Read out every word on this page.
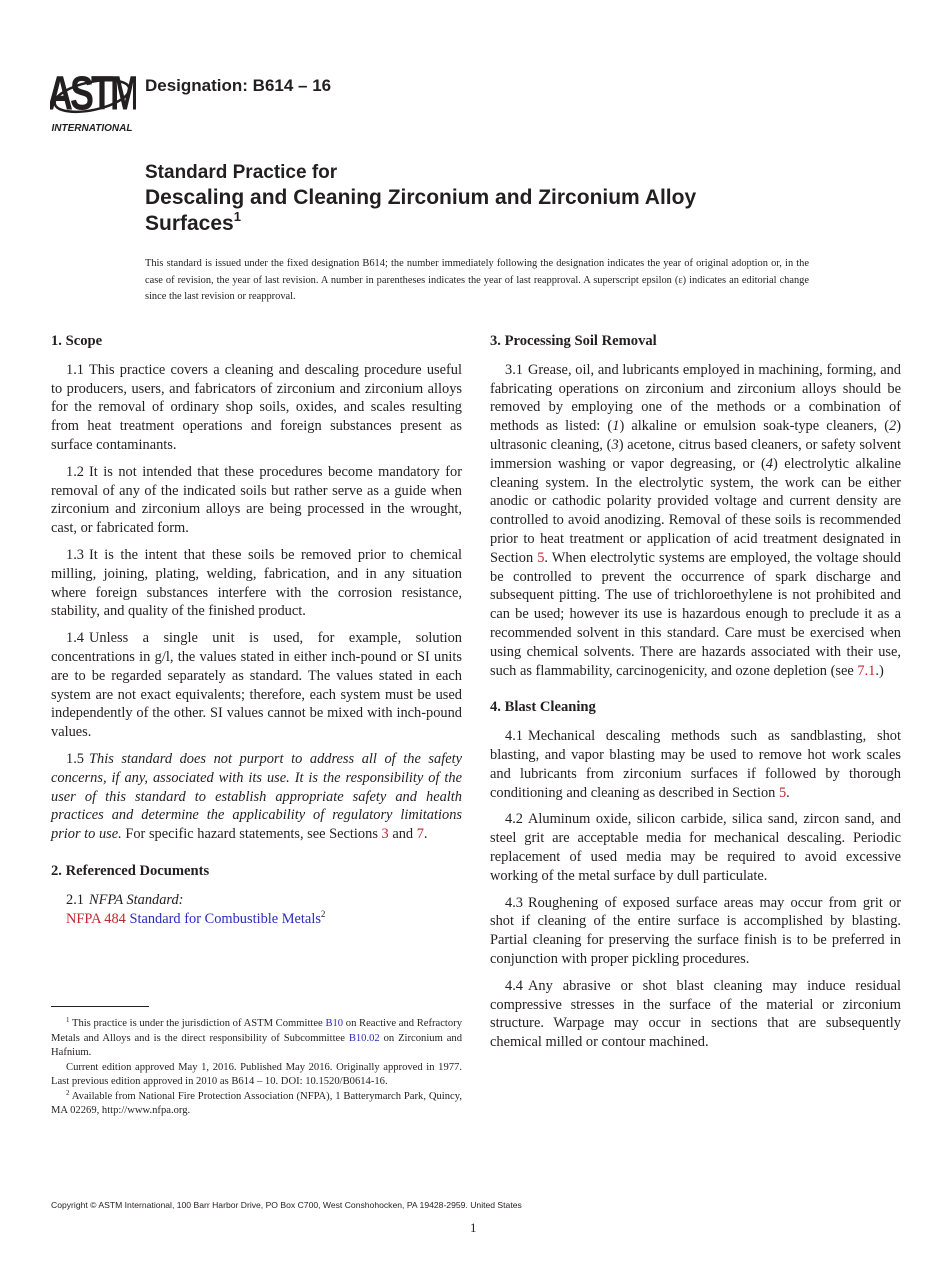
ASTM
INTERNATIONAL
Designation: B614 – 16
Standard Practice for
Descaling and Cleaning Zirconium and Zirconium Alloy
Surfaces$^1$
This standard is issued under the fixed designation B614; the number immediately following the designation indicates the year of original adoption or, in the case of revision, the year of last revision. A number in parentheses indicates the year of last reapproval. A superscript epsilon (ε) indicates an editorial change since the last revision or reapproval.
1. Scope

1.1 This practice covers a cleaning and descaling procedure useful to producers, users, and fabricators of zirconium and zirconium alloys for the removal of ordinary shop soils, oxides, and scales resulting from heat treatment operations and foreign substances present as surface contaminants.

1.2 It is not intended that these procedures become mandatory for removal of any of the indicated soils but rather serve as a guide when zirconium and zirconium alloys are being processed in the wrought, cast, or fabricated form.

1.3 It is the intent that these soils be removed prior to chemical milling, joining, plating, welding, fabrication, and in any situation where foreign substances interfere with the corrosion resistance, stability, and quality of the finished product.

1.4 Unless a single unit is used, for example, solution concentrations in g/l, the values stated in either inch-pound or SI units are to be regarded separately as standard. The values stated in each system are not exact equivalents; therefore, each system must be used independently of the other. SI values cannot be mixed with inch-pound values.

1.5 This standard does not purport to address all of the safety concerns, if any, associated with its use. It is the responsibility of the user of this standard to establish appropriate safety and health practices and determine the applicability of regulatory limitations prior to use. For specific hazard statements, see Sections 3 and 7.

2. Referenced Documents

2.1 NFPA Standard:

NFPA 484 Standard for Combustible Metals$^2$

$^1$ This practice is under the jurisdiction of ASTM Committee B10 on Reactive and Refractory Metals and Alloys and is the direct responsibility of Subcommittee B10.02 on Zirconium and Hafnium.

Current edition approved May 1, 2016. Published May 2016. Originally approved in 1977. Last previous edition approved in 2010 as B614 – 10. DOI: 10.1520/B0614-16.

$^2$ Available from National Fire Protection Association (NFPA), 1 Batterymarch Park, Quincy, MA 02269, http://www.nfpa.org.

3. Processing Soil Removal

3.1 Grease, oil, and lubricants employed in machining, forming, and fabricating operations on zirconium and zirconium alloys should be removed by employing one of the methods or a combination of methods as listed: (1) alkaline or emulsion soak-type cleaners, (2) ultrasonic cleaning, (3) acetone, citrus based cleaners, or safety solvent immersion washing or vapor degreasing, or (4) electrolytic alkaline cleaning system. In the electrolytic system, the work can be either anodic or cathodic polarity provided voltage and current density are controlled to avoid anodizing. Removal of these soils is recommended prior to heat treatment or application of acid treatment designated in Section 5. When electrolytic systems are employed, the voltage should be controlled to prevent the occurrence of spark discharge and subsequent pitting. The use of trichloroethylene is not prohibited and can be used; however its use is hazardous enough to preclude it as a recommended solvent in this standard. Care must be exercised when using chemical solvents. There are hazards associated with their use, such as flammability, carcinogenicity, and ozone depletion (see 7.1.)

4. Blast Cleaning

4.1 Mechanical descaling methods such as sandblasting, shot blasting, and vapor blasting may be used to remove hot work scales and lubricants from zirconium surfaces if followed by thorough conditioning and cleaning as described in Section 5.

4.2 Aluminum oxide, silicon carbide, silica sand, zircon sand, and steel grit are acceptable media for mechanical descaling. Periodic replacement of used media may be required to avoid excessive working of the metal surface by dull particulate.

4.3 Roughening of exposed surface areas may occur from grit or shot if cleaning of the entire surface is accomplished by blasting. Partial cleaning for preserving the surface finish is to be preferred in conjunction with proper pickling procedures.

4.4 Any abrasive or shot blast cleaning may induce residual compressive stresses in the surface of the material or zirconium structure. Warpage may occur in sections that are subsequently chemical milled or contour machined.

Copyright © ASTM International, 100 Barr Harbor Drive, PO Box C700, West Conshohocken, PA 19428-2959. United States
1
